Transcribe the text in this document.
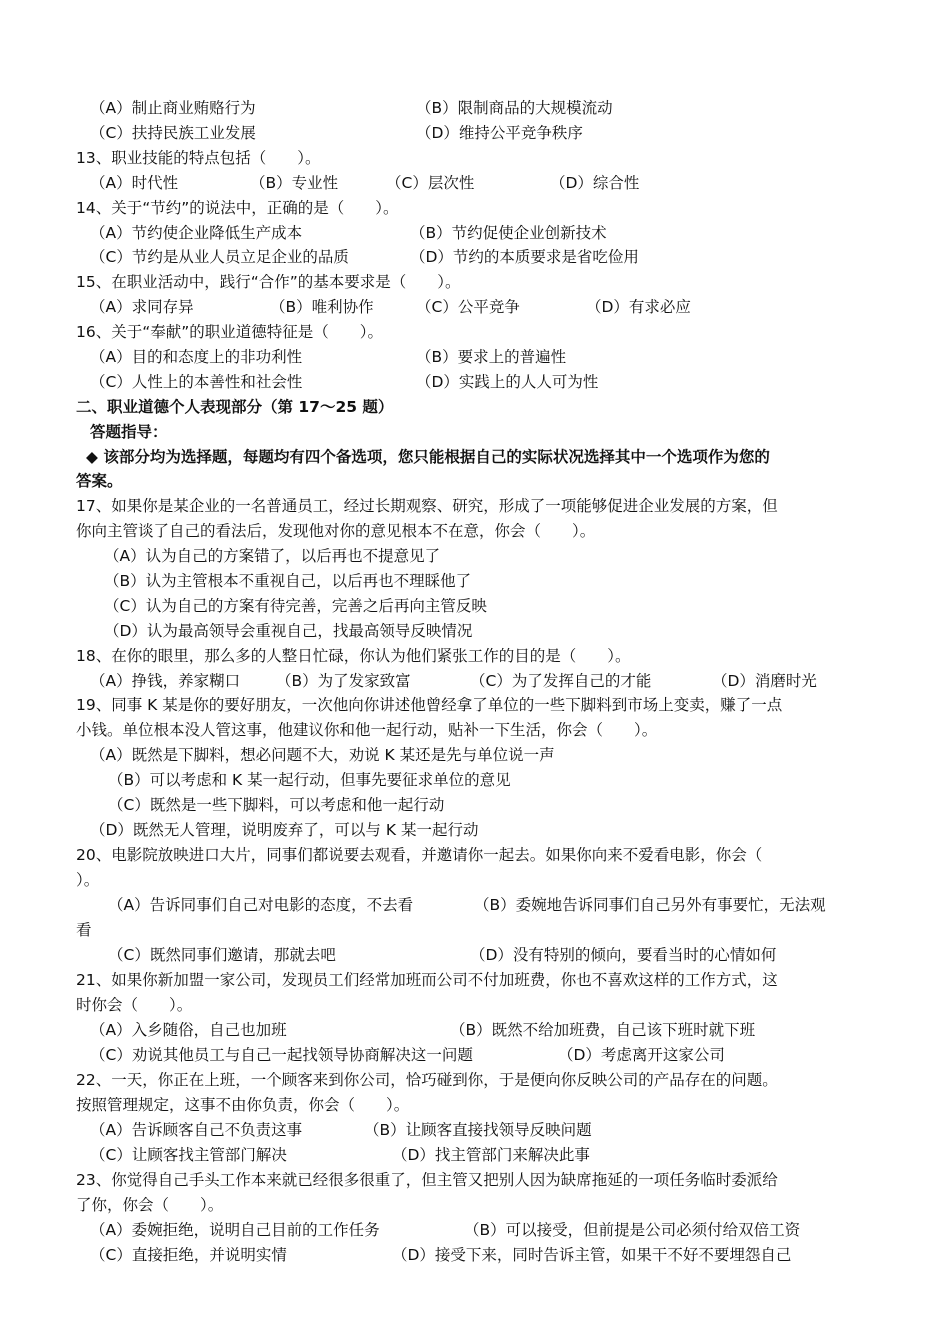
（A）制止商业贿赂行为	（B）限制商品的大规模流动
（C）扶持民族工业发展	（D）维持公平竞争秩序
13、职业技能的特点包括（　　）。
（A）时代性	（B）专业性	（C）层次性	（D）综合性
14、关于“节约”的说法中，正确的是（　　）。
（A）节约使企业降低生产成本	（B）节约促使企业创新技术
（C）节约是从业人员立足企业的品质	（D）节约的本质要求是省吃俭用
15、在职业活动中，践行“合作”的基本要求是（　　）。
（A）求同存异	（B）唯利协作	（C）公平竞争	（D）有求必应
16、关于“奉献”的职业道德特征是（　　）。
（A）目的和态度上的非功利性	（B）要求上的普遍性
（C）人性上的本善性和社会性	（D）实践上的人人可为性
二、职业道德个人表现部分（第 17～25 题）
答题指导：
◆ 该部分均为选择题，每题均有四个备选项，您只能根据自己的实际状况选择其中一个选项作为您的
答案。
17、如果你是某企业的一名普通员工，经过长期观察、研究，形成了一项能够促进企业发展的方案，但
你向主管谈了自己的看法后，发现他对你的意见根本不在意，你会（　　）。
（A）认为自己的方案错了，以后再也不提意见了
（B）认为主管根本不重视自己，以后再也不理睬他了
（C）认为自己的方案有待完善，完善之后再向主管反映
（D）认为最高领导会重视自己，找最高领导反映情况
18、在你的眼里，那么多的人整日忙碌，你认为他们紧张工作的目的是（　　）。
（A）挣钱，养家糊口 （B）为了发家致富	（C）为了发挥自己的才能	（D）消磨时光
19、同事 K 某是你的要好朋友，一次他向你讲述他曾经拿了单位的一些下脚料到市场上变卖，赚了一点
小钱。单位根本没人管这事，他建议你和他一起行动，贴补一下生活，你会（　　）。
（A）既然是下脚料，想必问题不大，劝说 K 某还是先与单位说一声
（B）可以考虑和 K 某一起行动，但事先要征求单位的意见
（C）既然是一些下脚料，可以考虑和他一起行动
（D）既然无人管理，说明废弃了，可以与 K 某一起行动
20、电影院放映进口大片，同事们都说要去观看，并邀请你一起去。如果你向来不爱看电影，你会（
）。
（A）告诉同事们自己对电影的态度，不去看	（B）委婉地告诉同事们自己另外有事要忙，无法观
看
（C）既然同事们邀请，那就去吧	（D）没有特别的倾向，要看当时的心情如何
21、如果你新加盟一家公司，发现员工们经常加班而公司不付加班费，你也不喜欢这样的工作方式，这
时你会（　　）。
（A）入乡随俗，自己也加班	（B）既然不给加班费，自己该下班时就下班
（C）劝说其他员工与自己一起找领导协商解决这一问题	（D）考虑离开这家公司
22、一天，你正在上班，一个顾客来到你公司，恰巧碰到你，于是便向你反映公司的产品存在的问题。
按照管理规定，这事不由你负责，你会（　　）。
（A）告诉顾客自己不负责这事	（B）让顾客直接找领导反映问题
（C）让顾客找主管部门解决	（D）找主管部门来解决此事
23、你觉得自己手头工作本来就已经很多很重了，但主管又把别人因为缺席拖延的一项任务临时委派给
了你，你会（　　）。
（A）委婉拒绝，说明自己目前的工作任务	（B）可以接受，但前提是公司必须付给双倍工资
（C）直接拒绝，并说明实情	（D）接受下来，同时告诉主管，如果干不好不要埋怨自己
